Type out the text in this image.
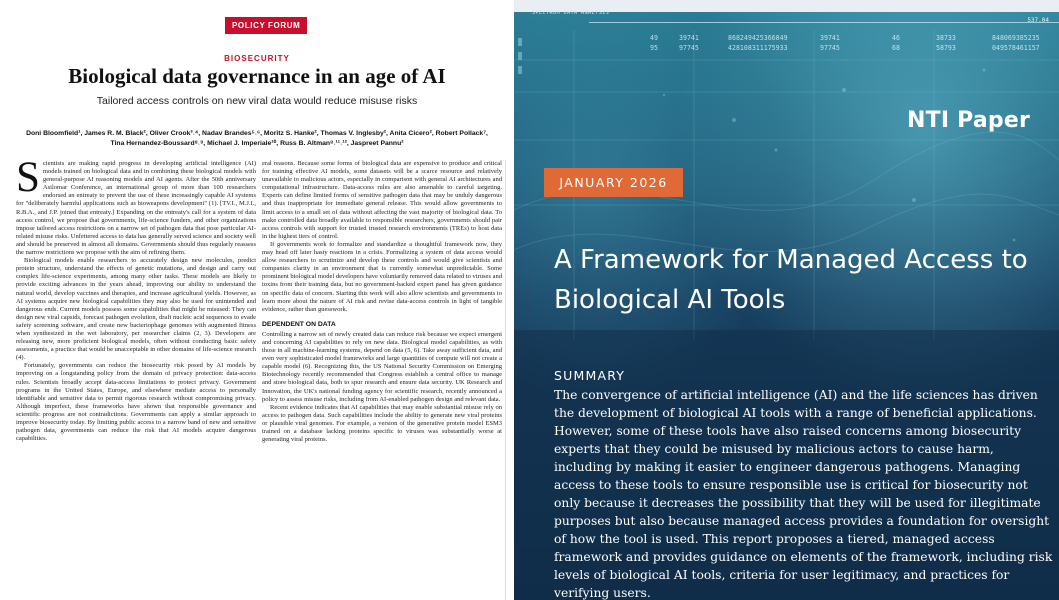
POLICY FORUM
BIOSECURITY
Biological data governance in an age of AI
Tailored access controls on new viral data would reduce misuse risks
Doni Bloomfield¹, James R. M. Black², Oliver Crook³˒⁴, Nadav Brandes⁵˒⁶, Moritz S. Hanke², Thomas V. Inglesby², Anita Cicero², Robert Pollack⁷,
Tina Hernandez-Boussard⁸˒⁹, Michael J. Imperiale¹⁰, Russ B. Altman⁸˒¹¹˒¹², Jaspreet Pannu²
S cientists are making rapid progress in developing artificial intelligence (AI) models trained on biological data and in combining these biological models with general-purpose AI reasoning models and AI agents. After the 50th anniversary Asilomar Conference, an international group of more than 100 researchers endorsed an entreaty to prevent the use of these increasingly capable AI systems for "deliberately harmful applications such as bioweapons development" (1). [TV.I., M.J.I., R.B.A., and J.P. joined that entreaty.] Expanding on the entreaty's call for a system of data access control, we propose that governments, life-science funders, and other organizations impose tailored access restrictions on a narrow set of pathogen data that pose particular AI-related misuse risks. Unfettered access to data has generally served science and society well and should be preserved in almost all domains. Governments should thus regularly reassess the narrow restrictions we propose with the aim of refining them.

Biological models enable researchers to accurately design new molecules, predict protein structure, understand the effects of genetic mutations, and design and carry out complex life-science experiments, among many other tasks. These models are likely to provide exciting advances in the years ahead, improving our ability to understand the natural world, develop vaccines and therapies, and increase agricultural yields. However, as AI systems acquire new biological capabilities they may also be used for unintended and dangerous ends. Current models possess some capabilities that might be misused: They can design new viral capsids, forecast pathogen evolution, draft nucleic acid sequences to evade safety screening software, and create new bacteriophage genomes with augmented fitness when synthesized in the wet laboratory, per researcher claims (2, 3). Developers are releasing new, more proficient biological models, often without conducting basic safety assessments, a practice that would be unacceptable in other domains of life-science research (4).

Fortunately, governments can reduce the biosecurity risk posed by AI models by improving on a longstanding policy from the domain of privacy protection: data-access rules. Scientists broadly accept data-access limitations to protect privacy. Government programs in the United States, Europe, and elsewhere mediate access to personally identifiable and sensitive data to permit rigorous research without compromising privacy. Although imperfect, these frameworks have shown that responsible governance and scientific progress are not contradictions. Governments can apply a similar approach to improve biosecurity today. By limiting public access to a narrow band of new and sensitive pathogen data, governments can reduce the risk that AI models acquire dangerous capabilities.

eral reasons. Because some forms of biological data are expensive to produce and critical for training effective AI models, some datasets will be a scarce resource and relatively unavailable to malicious actors, especially in comparison with general AI architectures and computational infrastructure. Data-access rules are also amenable to careful targeting. Experts can define limited forms of sensitive pathogen data that may be unduly dangerous and thus inappropriate for immediate general release. This would allow governments to limit access to a small set of data without affecting the vast majority of biological data. To make controlled data broadly available to responsible researchers, governments should pair access controls with support for trusted trusted research environments (TREs) to host data in the highest tiers of control.

If governments work to formalize and standardize a thoughtful framework now, they may head off later hasty reactions in a crisis. Formalizing a system of data access would allow researchers to scrutinize and develop these controls and would give scientists and companies clarity in an environment that is currently somewhat unpredictable. Some prominent biological model developers have voluntarily removed data related to viruses and toxins from their training data, but no government-backed expert panel has given guidance on specific data of concern. Starting this work will also allow scientists and governments to learn more about the nature of AI risk and revise data-access controls in light of tangible evidence, rather than guesswork.

DEPENDENT ON DATA

Controlling a narrow set of newly created data can reduce risk because we expect emergent and concerning AI capabilities to rely on new data. Biological model capabilities, as with those in all machine-learning systems, depend on data (5, 6). Take away sufficient data, and even very sophisticated model frameworks and large quantities of compute will not create a capable model (6). Recognizing this, the US National Security Commission on Emerging Biotechnology recently recommended that Congress establish a central office to manage and store biological data, both to spur research and ensure data security. UK Research and Innovation, the UK's national funding agency for scientific research, recently announced a policy to assess misuse risks, including from AI-enabled pathogen design and relevant data.

Recent evidence indicates that AI capabilities that may enable substantial misuse rely on access to pathogen data. Such capabilities include the ability to generate new viral proteins or plausible viral genomes. For example, a version of the generative protein model ESM3 trained on a database lacking proteins specific to viruses was substantially worse at generating viral proteins.

SPECTRUM DATA ANALYSIS
537.04
49	39741	868249425366849	39741	46	38733	848069385235
95	97745	428108311175933	97745	68	58793	049578461157
NTI Paper
JANUARY 2026
A Framework for Managed Access to Biological AI Tools
SUMMARY

The convergence of artificial intelligence (AI) and the life sciences has driven the development of biological AI tools with a range of beneficial applications. However, some of these tools have also raised concerns among biosecurity experts that they could be misused by malicious actors to cause harm, including by making it easier to engineer dangerous pathogens. Managing access to these tools to ensure responsible use is critical for biosecurity not only because it decreases the possibility that they will be used for illegitimate purposes but also because managed access provides a foundation for oversight of how the tool is used. This report proposes a tiered, managed access framework and provides guidance on elements of the framework, including risk levels of biological AI tools, criteria for user legitimacy, and practices for verifying users.
